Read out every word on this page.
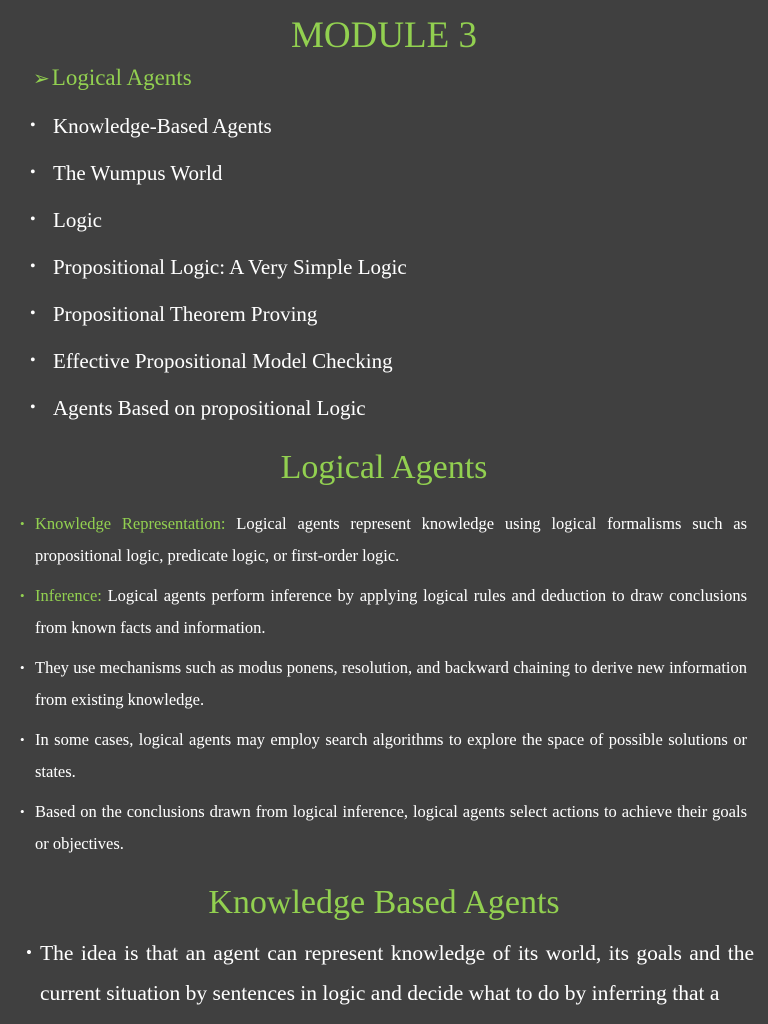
MODULE 3
➢Logical Agents
• Knowledge-Based Agents
• The Wumpus World
• Logic
• Propositional Logic: A Very Simple Logic
• Propositional Theorem Proving
• Effective Propositional Model Checking
• Agents Based on propositional Logic
Logical Agents
• Knowledge Representation: Logical agents represent knowledge using logical formalisms such as propositional logic, predicate logic, or first-order logic.
• Inference: Logical agents perform inference by applying logical rules and deduction to draw conclusions from known facts and information.
• They use mechanisms such as modus ponens, resolution, and backward chaining to derive new information from existing knowledge.
• In some cases, logical agents may employ search algorithms to explore the space of possible solutions or states.
• Based on the conclusions drawn from logical inference, logical agents select actions to achieve their goals or objectives.
Knowledge Based Agents
• The idea is that an agent can represent knowledge of its world, its goals and the current situation by sentences in logic and decide what to do by inferring that a
